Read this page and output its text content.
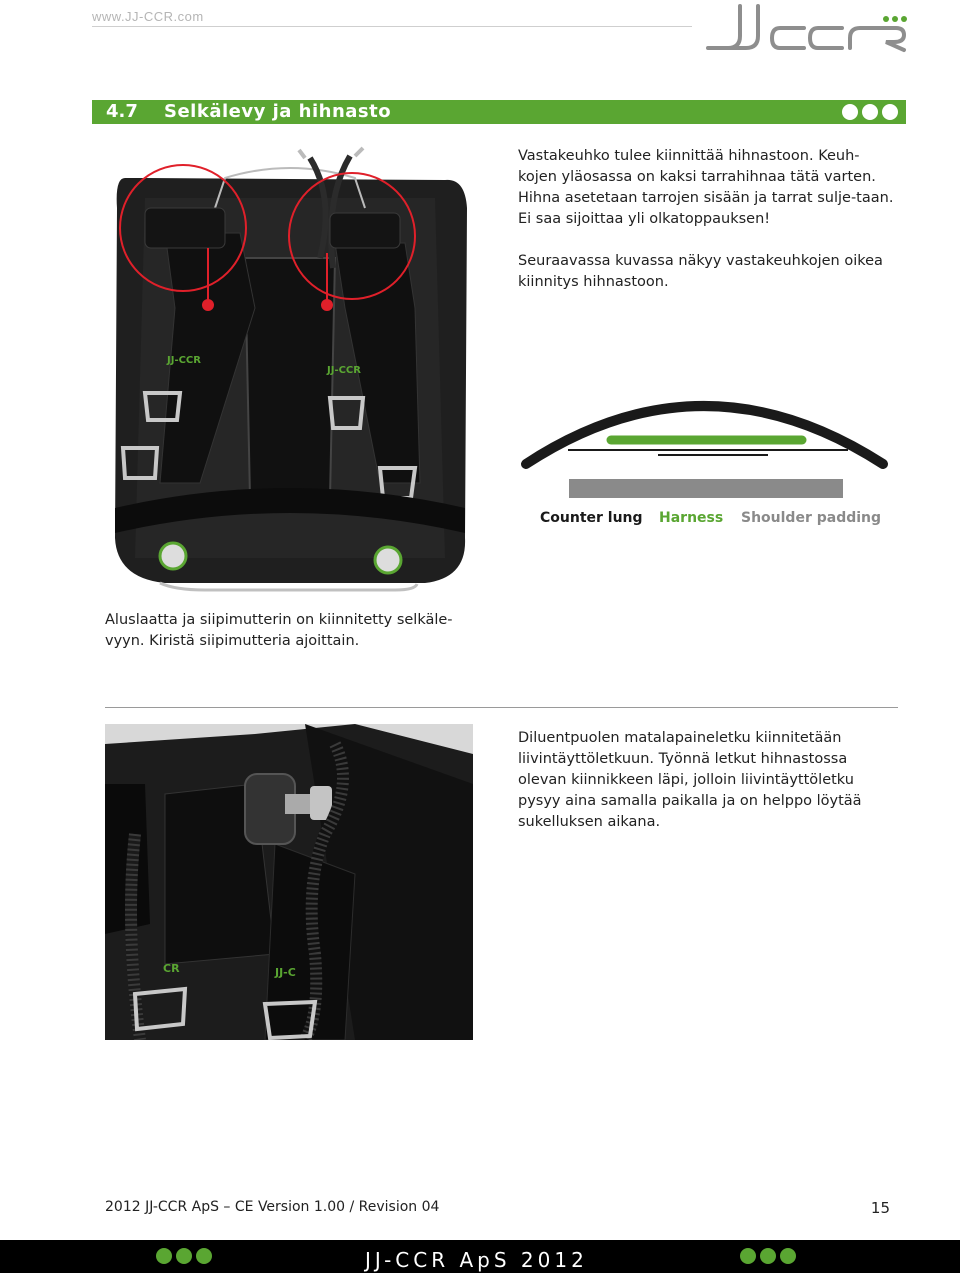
www.JJ-CCR.com
JCCR
4.7 Selkälevy ja hihnasto
JJ-CCR
JJ-CCR
Vastakeuhko tulee kiinnittää hihnastoon. Keuh-kojen yläosassa on kaksi tarrahihnaa tätä varten. Hihna asetetaan tarrojen sisään ja tarrat sulje-taan. Ei saa sijoittaa yli olkatoppauksen!
Seuraavassa kuvassa näkyy vastakeuhkojen oikea kiinnitys hihnastoon.
Counter lung Harness Shoulder padding
Aluslaatta ja siipimutterin on kiinnitetty selkäle-vyyn. Kiristä siipimutteria ajoittain.
CR	JJ-C
Diluentpuolen matalapaineletku kiinnitetään liivintäyttöletkuun. Työnnä letkut hihnastossa olevan kiinnikkeen läpi, jolloin liivintäyttöletku pysyy aina samalla paikalla ja on helppo löytää sukelluksen aikana.
2012 JJ-CCR ApS – CE Version 1.00 / Revision 04	15
JJ-CCR ApS 2012
